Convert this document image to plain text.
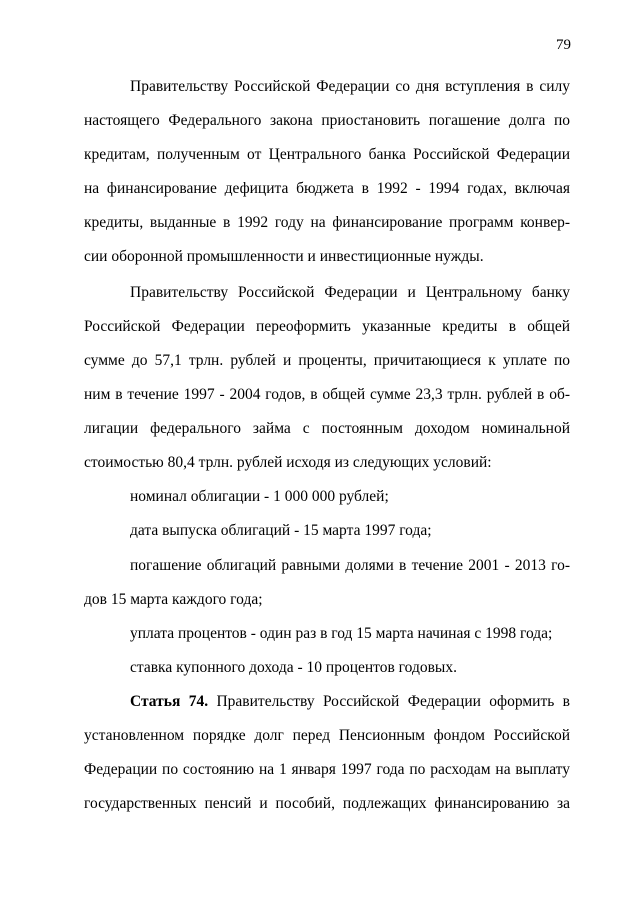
79
Правительству Российской Федерации со дня вступления в силу
настоящего Федерального закона приостановить погашение долга по
кредитам, полученным от Центрального банка Российской Федерации
на финансирование дефицита бюджета в 1992 - 1994 годах, включая
кредиты, выданные в 1992 году на финансирование программ конвер-
сии оборонной промышленности и инвестиционные нужды.
Правительству Российской Федерации и Центральному банку
Российской Федерации переоформить указанные кредиты в общей
сумме до 57,1 трлн. рублей и проценты, причитающиеся к уплате по
ним в течение 1997 - 2004 годов, в общей сумме 23,3 трлн. рублей в об-
лигации федерального займа с постоянным доходом номинальной
стоимостью 80,4 трлн. рублей исходя из следующих условий:
номинал облигации - 1 000 000 рублей;
дата выпуска облигаций - 15 марта 1997 года;
погашение облигаций равными долями в течение 2001 - 2013 го-
дов 15 марта каждого года;
уплата процентов - один раз в год 15 марта начиная с 1998 года;
ставка купонного дохода - 10 процентов годовых.
Статья 74. Правительству Российской Федерации оформить в
установленном порядке долг перед Пенсионным фондом Российской
Федерации по состоянию на 1 января 1997 года по расходам на выплату
государственных пенсий и пособий, подлежащих финансированию за
